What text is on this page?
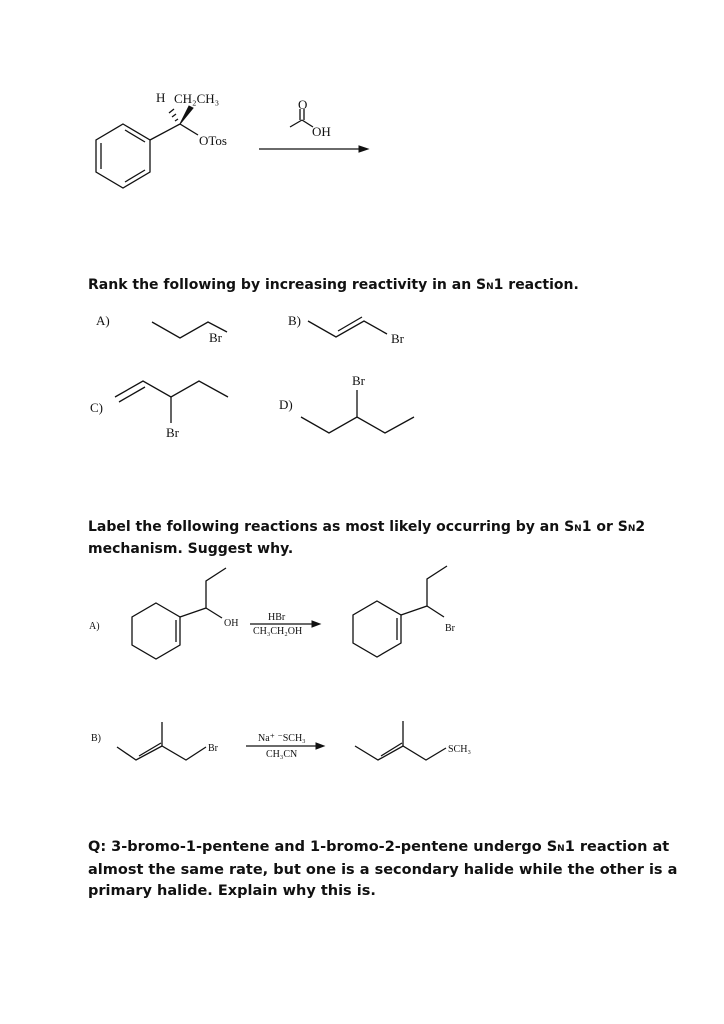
Rank the following by increasing reactivity in an SN1 reaction.

Label the following reactions as most likely occurring by an SN1 or SN2 mechanism. Suggest why.

Q: 3-bromo-1-pentene and 1-bromo-2-pentene undergo SN1 reaction at almost the same rate, but one is a secondary halide while the other is a primary halide. Explain why this is.

H CH₂CH₃
OTos
O
OH
A)
Br
B)
Br
C)
Br
D)
Br
A)	OH
HBr
CH₃CH₂OH	Br
B)
Br
Na⁺ ⁻SCH₃
CH₃CN	SCH₃
